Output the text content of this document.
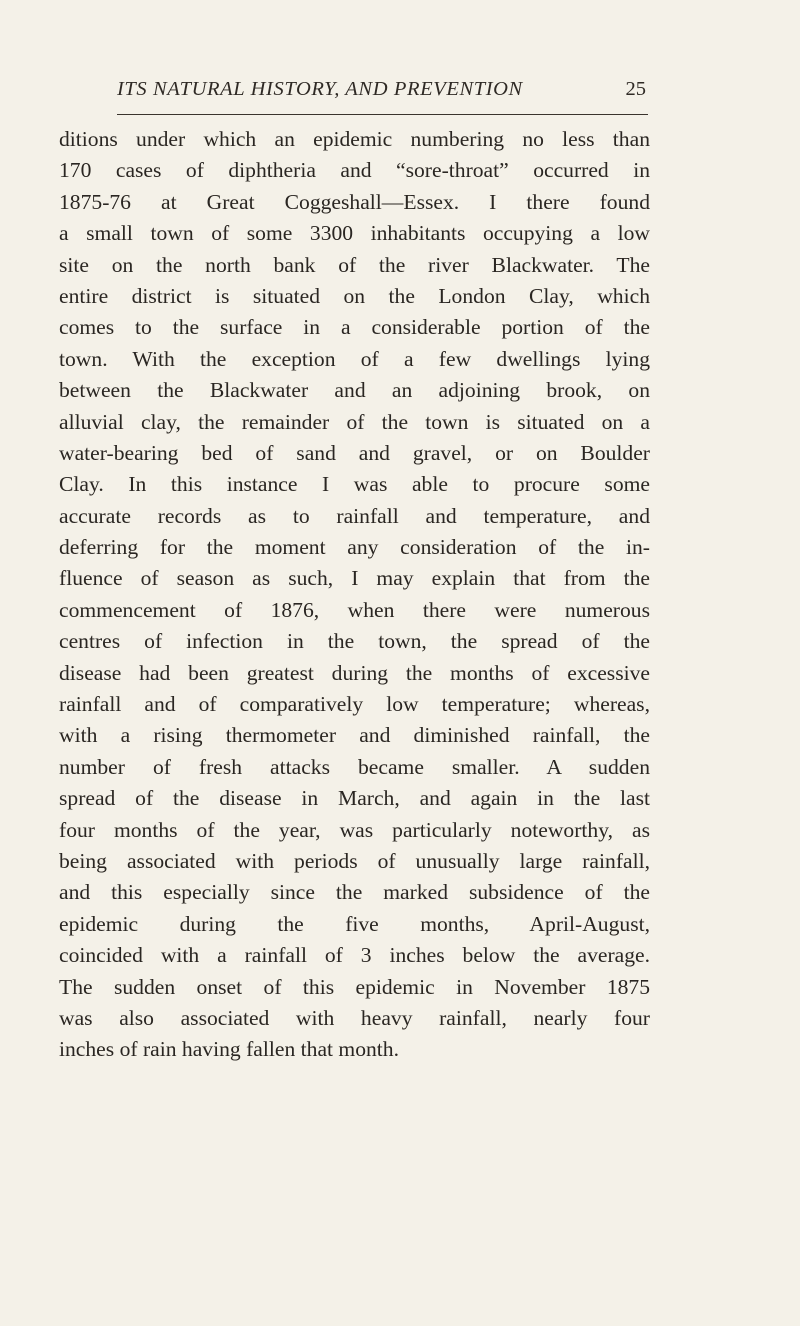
ITS NATURAL HISTORY, AND PREVENTION	25
ditions under which an epidemic numbering no less than
170 cases of diphtheria and “sore-throat” occurred in
1875-76 at Great Coggeshall—Essex. I there found
a small town of some 3300 inhabitants occupying a low
site on the north bank of the river Blackwater. The
entire district is situated on the London Clay, which
comes to the surface in a considerable portion of the
town. With the exception of a few dwellings lying
between the Blackwater and an adjoining brook, on
alluvial clay, the remainder of the town is situated on a
water-bearing bed of sand and gravel, or on Boulder
Clay. In this instance I was able to procure some
accurate records as to rainfall and temperature, and
deferring for the moment any consideration of the in-
fluence of season as such, I may explain that from the
commencement of 1876, when there were numerous
centres of infection in the town, the spread of the
disease had been greatest during the months of excessive
rainfall and of comparatively low temperature; whereas,
with a rising thermometer and diminished rainfall, the
number of fresh attacks became smaller. A sudden
spread of the disease in March, and again in the last
four months of the year, was particularly noteworthy, as
being associated with periods of unusually large rainfall,
and this especially since the marked subsidence of the
epidemic during the five months, April-August,
coincided with a rainfall of 3 inches below the average.
The sudden onset of this epidemic in November 1875
was also associated with heavy rainfall, nearly four
inches of rain having fallen that month.
